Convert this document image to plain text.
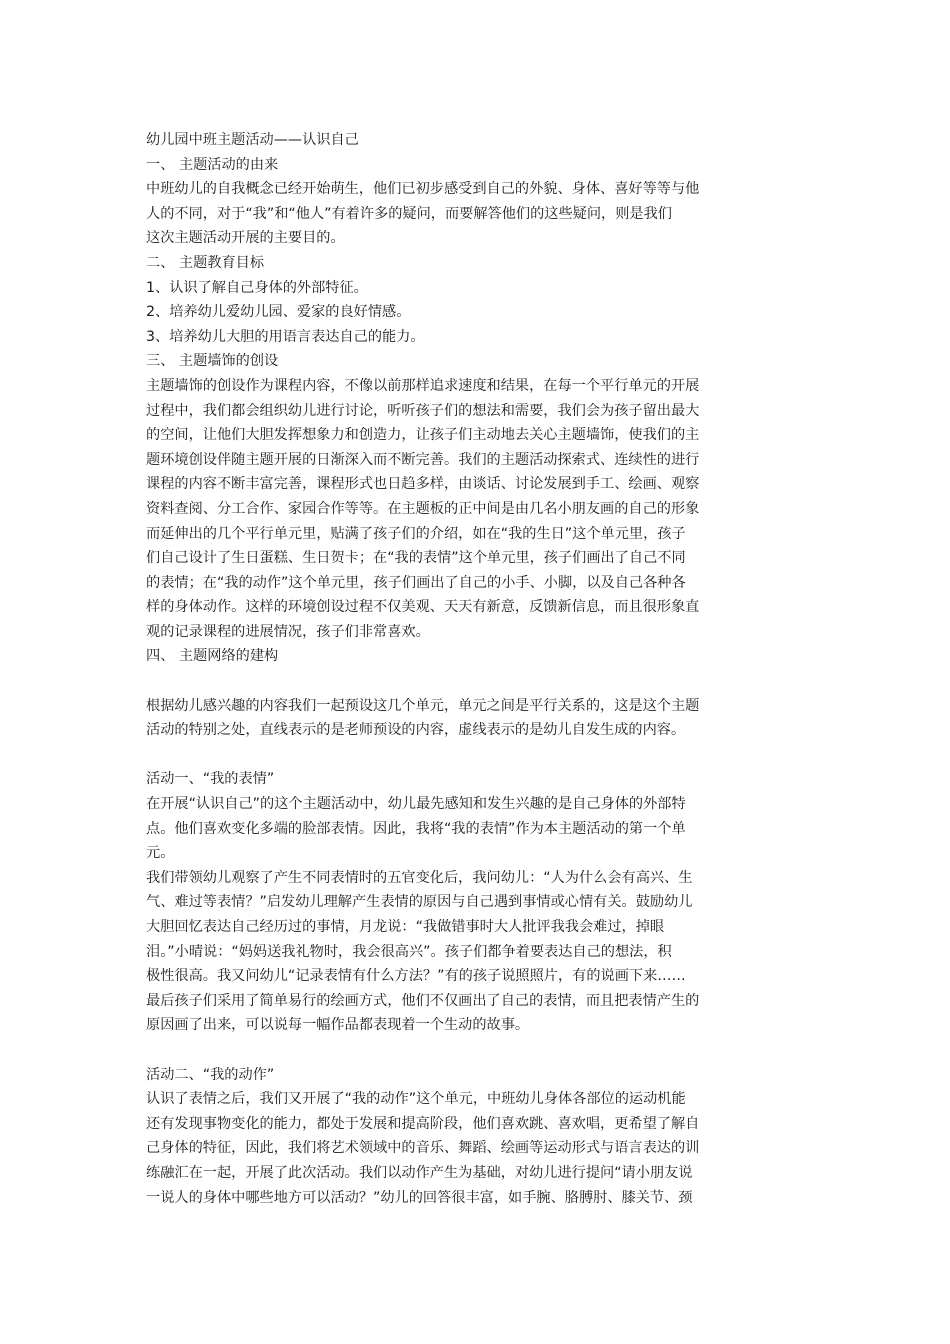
幼儿园中班主题活动——认识自己
一、 主题活动的由来
中班幼儿的自我概念已经开始萌生，他们已初步感受到自己的外貌、身体、喜好等等与他
人的不同，对于“我”和“他人”有着许多的疑问，而要解答他们的这些疑问，则是我们
这次主题活动开展的主要目的。
二、 主题教育目标
1、认识了解自己身体的外部特征。
2、培养幼儿爱幼儿园、爱家的良好情感。
3、培养幼儿大胆的用语言表达自己的能力。
三、 主题墙饰的创设
主题墙饰的创设作为课程内容，不像以前那样追求速度和结果，在每一个平行单元的开展
过程中，我们都会组织幼儿进行讨论，听听孩子们的想法和需要，我们会为孩子留出最大
的空间，让他们大胆发挥想象力和创造力，让孩子们主动地去关心主题墙饰，使我们的主
题环境创设伴随主题开展的日渐深入而不断完善。我们的主题活动探索式、连续性的进行
课程的内容不断丰富完善，课程形式也日趋多样，由谈话、讨论发展到手工、绘画、观察
资料查阅、分工合作、家园合作等等。在主题板的正中间是由几名小朋友画的自己的形象
而延伸出的几个平行单元里，贴满了孩子们的介绍，如在“我的生日”这个单元里，孩子
们自己设计了生日蛋糕、生日贺卡；在“我的表情”这个单元里，孩子们画出了自己不同
的表情；在“我的动作”这个单元里，孩子们画出了自己的小手、小脚，以及自己各种各
样的身体动作。这样的环境创设过程不仅美观、天天有新意，反馈新信息，而且很形象直
观的记录课程的进展情况，孩子们非常喜欢。
四、 主题网络的建构
根据幼儿感兴趣的内容我们一起预设这几个单元，单元之间是平行关系的，这是这个主题
活动的特别之处，直线表示的是老师预设的内容，虚线表示的是幼儿自发生成的内容。
活动一、“我的表情”
在开展“认识自己”的这个主题活动中，幼儿最先感知和发生兴趣的是自己身体的外部特
点。他们喜欢变化多端的脸部表情。因此，我将“我的表情”作为本主题活动的第一个单
元。
我们带领幼儿观察了产生不同表情时的五官变化后，我问幼儿：“人为什么会有高兴、生
气、难过等表情？”启发幼儿理解产生表情的原因与自己遇到事情或心情有关。鼓励幼儿
大胆回忆表达自己经历过的事情，月龙说：“我做错事时大人批评我我会难过，掉眼
泪。”小晴说：“妈妈送我礼物时，我会很高兴”。孩子们都争着要表达自己的想法，积
极性很高。我又问幼儿“记录表情有什么方法？”有的孩子说照照片，有的说画下来……
最后孩子们采用了简单易行的绘画方式，他们不仅画出了自己的表情，而且把表情产生的
原因画了出来，可以说每一幅作品都表现着一个生动的故事。
活动二、“我的动作”
认识了表情之后，我们又开展了“我的动作”这个单元，中班幼儿身体各部位的运动机能
还有发现事物变化的能力，都处于发展和提高阶段，他们喜欢跳、喜欢唱，更希望了解自
己身体的特征，因此，我们将艺术领域中的音乐、舞蹈、绘画等运动形式与语言表达的训
练融汇在一起，开展了此次活动。我们以动作产生为基础，对幼儿进行提问“请小朋友说
一说人的身体中哪些地方可以活动？”幼儿的回答很丰富，如手腕、胳膊肘、膝关节、颈
